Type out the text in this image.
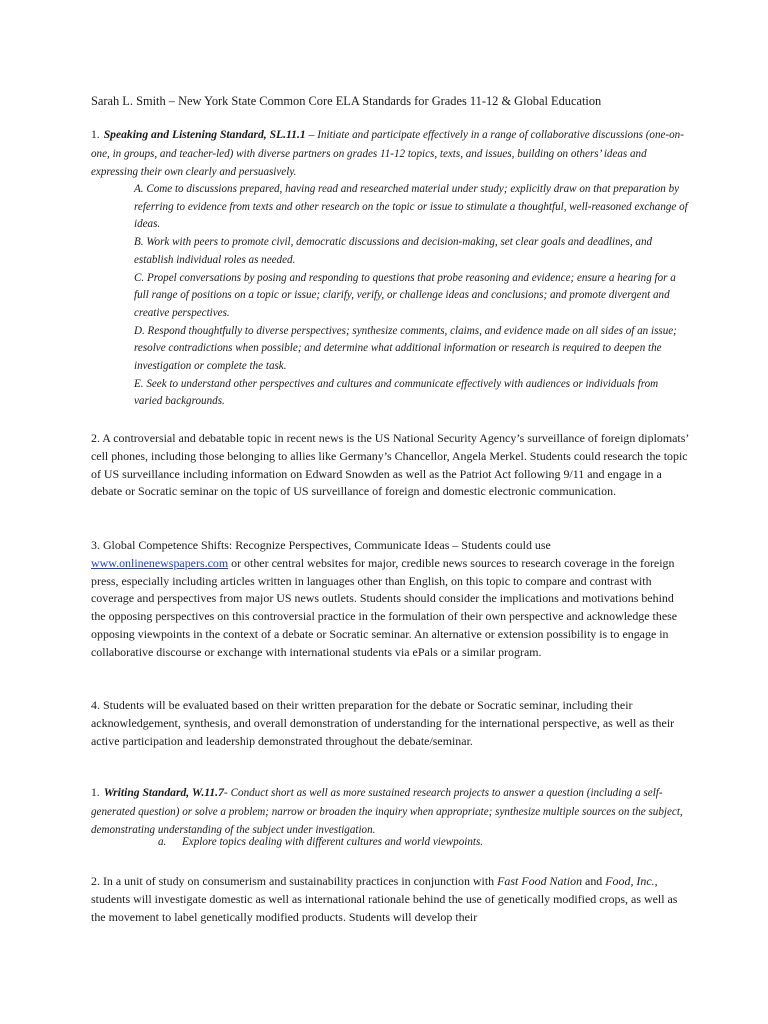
Sarah L. Smith – New York State Common Core ELA Standards for Grades 11-12 & Global Education
1. Speaking and Listening Standard, SL.11.1 – Initiate and participate effectively in a range of collaborative discussions (one-on-one, in groups, and teacher-led) with diverse partners on grades 11-12 topics, texts, and issues, building on others’ ideas and expressing their own clearly and persuasively.

A. Come to discussions prepared, having read and researched material under study; explicitly draw on that preparation by referring to evidence from texts and other research on the topic or issue to stimulate a thoughtful, well-reasoned exchange of ideas.

B. Work with peers to promote civil, democratic discussions and decision-making, set clear goals and deadlines, and establish individual roles as needed.

C. Propel conversations by posing and responding to questions that probe reasoning and evidence; ensure a hearing for a full range of positions on a topic or issue; clarify, verify, or challenge ideas and conclusions; and promote divergent and creative perspectives.

D. Respond thoughtfully to diverse perspectives; synthesize comments, claims, and evidence made on all sides of an issue; resolve contradictions when possible; and determine what additional information or research is required to deepen the investigation or complete the task.

E. Seek to understand other perspectives and cultures and communicate effectively with audiences or individuals from varied backgrounds.

2. A controversial and debatable topic in recent news is the US National Security Agency’s surveillance of foreign diplomats’ cell phones, including those belonging to allies like Germany’s Chancellor, Angela Merkel. Students could research the topic of US surveillance including information on Edward Snowden as well as the Patriot Act following 9/11 and engage in a debate or Socratic seminar on the topic of US surveillance of foreign and domestic electronic communication.

3. Global Competence Shifts: Recognize Perspectives, Communicate Ideas – Students could use
www.onlinenewspapers.com or other central websites for major, credible news sources to research coverage in the foreign press, especially including articles written in languages other than English, on this topic to compare and contrast with coverage and perspectives from major US news outlets. Students should consider the implications and motivations behind the opposing perspectives on this controversial practice in the formulation of their own perspective and acknowledge these opposing viewpoints in the context of a debate or Socratic seminar. An alternative or extension possibility is to engage in collaborative discourse or exchange with international students via ePals or a similar program.

4. Students will be evaluated based on their written preparation for the debate or Socratic seminar, including their acknowledgement, synthesis, and overall demonstration of understanding for the international perspective, as well as their active participation and leadership demonstrated throughout the debate/seminar.

1. Writing Standard, W.11.7- Conduct short as well as more sustained research projects to answer a question (including a self-generated question) or solve a problem; narrow or broaden the inquiry when appropriate; synthesize multiple sources on the subject, demonstrating understanding of the subject under investigation.
a. Explore topics dealing with different cultures and world viewpoints.

2. In a unit of study on consumerism and sustainability practices in conjunction with Fast Food Nation and Food, Inc., students will investigate domestic as well as international rationale behind the use of genetically modified crops, as well as the movement to label genetically modified products. Students will develop their
